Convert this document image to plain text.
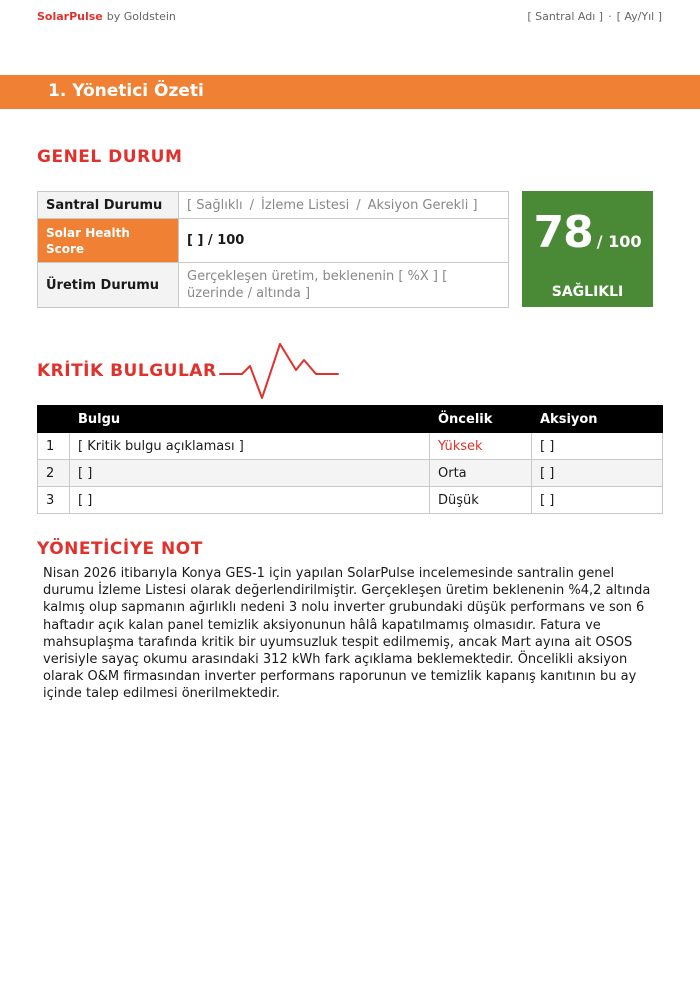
SolarPulse by Goldstein	[ Santral Adı ] · [ Ay/Yıl ]
1. Yönetici Özeti
GENEL DURUM
Santral Durumu	[ Sağlıklı / İzleme Listesi / Aksiyon Gerekli ]
Solar Health Score	[ ] / 100
Üretim Durumu	Gerçekleşen üretim, beklenenin [ %X ] [ üzerinde / altında ]
78 / 100
SAĞLIKLI
KRİTİK BULGULAR
	Bulgu	Öncelik	Aksiyon
1	[ Kritik bulgu açıklaması ]	Yüksek	[ ]
2	[ ]	Orta	[ ]
3	[ ]	Düşük	[ ]
YÖNETİCİYE NOT

Nisan 2026 itibarıyla Konya GES-1 için yapılan SolarPulse incelemesinde santralin genel durumu İzleme Listesi olarak değerlendirilmiştir. Gerçekleşen üretim beklenenin %4,2 altında kalmış olup sapmanın ağırlıklı nedeni 3 nolu inverter grubundaki düşük performans ve son 6 haftadır açık kalan panel temizlik aksiyonunun hâlâ kapatılmamış olmasıdır. Fatura ve mahsuplaşma tarafında kritik bir uyumsuzluk tespit edilmemiş, ancak Mart ayına ait OSOS verisiyle sayaç okumu arasındaki 312 kWh fark açıklama beklemektedir. Öncelikli aksiyon olarak O&M firmasından inverter performans raporunun ve temizlik kapanış kanıtının bu ay içinde talep edilmesi önerilmektedir.
